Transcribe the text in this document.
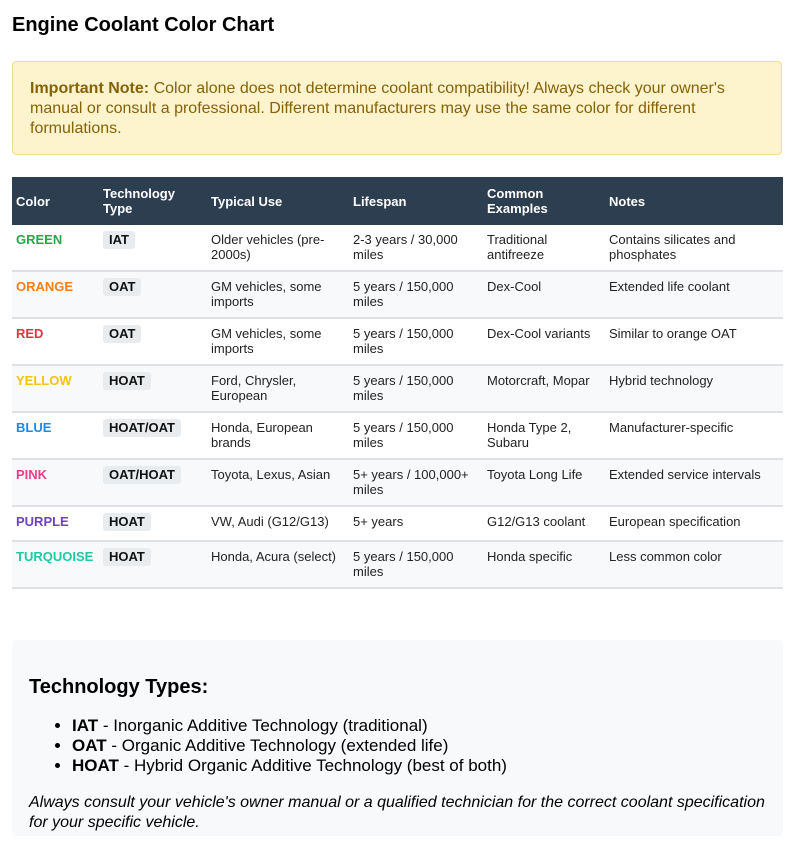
Engine Coolant Color Chart
Important Note: Color alone does not determine coolant compatibility! Always check your owner's manual or consult a professional. Different manufacturers may use the same color for different formulations.
Color	Technology Type	Typical Use	Lifespan	Common Examples	Notes
GREEN	IAT	Older vehicles (pre-2000s)	2-3 years / 30,000 miles	Traditional antifreeze	Contains silicates and phosphates
ORANGE	OAT	GM vehicles, some imports	5 years / 150,000 miles	Dex-Cool	Extended life coolant
RED	OAT	GM vehicles, some imports	5 years / 150,000 miles	Dex-Cool variants	Similar to orange OAT
YELLOW	HOAT	Ford, Chrysler, European	5 years / 150,000 miles	Motorcraft, Mopar	Hybrid technology
BLUE	HOAT/OAT	Honda, European brands	5 years / 150,000 miles	Honda Type 2, Subaru	Manufacturer-specific
PINK	OAT/HOAT	Toyota, Lexus, Asian	5+ years / 100,000+ miles	Toyota Long Life	Extended service intervals
PURPLE	HOAT	VW, Audi (G12/G13)	5+ years	G12/G13 coolant	European specification
TURQUOISE	HOAT	Honda, Acura (select)	5 years / 150,000 miles	Honda specific	Less common color
Technology Types:
• IAT - Inorganic Additive Technology (traditional)
• OAT - Organic Additive Technology (extended life)
• HOAT - Hybrid Organic Additive Technology (best of both)

Always consult your vehicle's owner manual or a qualified technician for the correct coolant specification for your specific vehicle.
